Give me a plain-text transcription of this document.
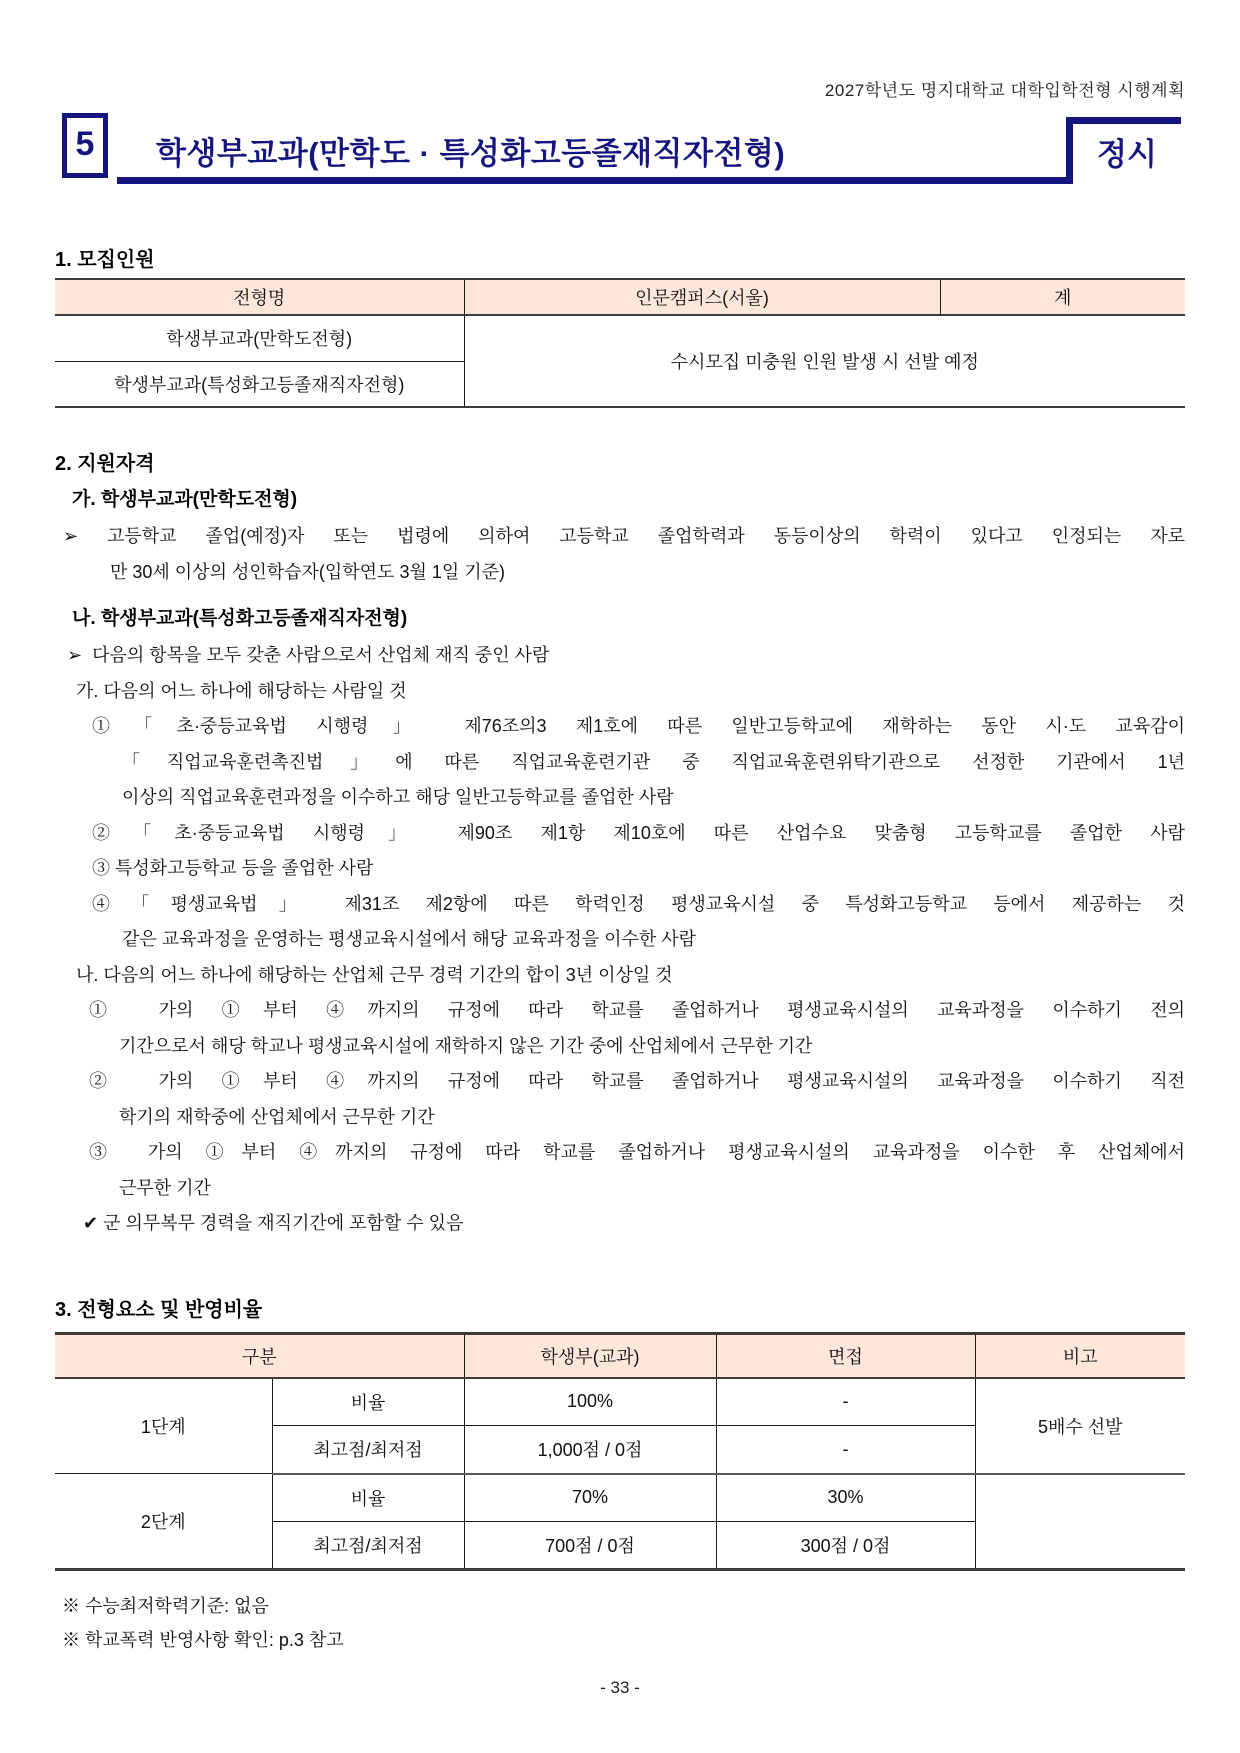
2027학년도 명지대학교 대학입학전형 시행계획
5	학생부교과(만학도 · 특성화고등졸재직자전형)	정시
1. 모집인원
전형명	인문캠퍼스(서울)	계
학생부교과(만학도전형)	수시모집 미충원 인원 발생 시 선발 예정	
학생부교과(특성화고등졸재직자전형)		
2. 지원자격
가. 학생부교과(만학도전형)
➢ 고등학교 졸업(예정)자 또는 법령에 의하여 고등학교 졸업학력과 동등이상의 학력이 있다고 인정되는 자로
만 30세 이상의 성인학습자(입학연도 3월 1일 기준)
나. 학생부교과(특성화고등졸재직자전형)
➢  다음의 항목을 모두 갖춘 사람으로서 산업체 재직 중인 사람
가. 다음의 어느 하나에 해당하는 사람일 것
①「초·중등교육법 시행령」 제76조의3 제1호에 따른 일반고등학교에 재학하는 동안 시·도 교육감이
「직업교육훈련촉진법」에 따른 직업교육훈련기관 중 직업교육훈련위탁기관으로 선정한 기관에서 1년
이상의 직업교육훈련과정을 이수하고 해당 일반고등학교를 졸업한 사람
②「초·중등교육법 시행령」 제90조 제1항 제10호에 따른 산업수요 맞춤형 고등학교를 졸업한 사람
③ 특성화고등학교 등을 졸업한 사람
④「평생교육법」 제31조 제2항에 따른 학력인정 평생교육시설 중 특성화고등학교 등에서 제공하는 것
같은 교육과정을 운영하는 평생교육시설에서 해당 교육과정을 이수한 사람
나. 다음의 어느 하나에 해당하는 산업체 근무 경력 기간의 합이 3년 이상일 것
① 가의 ①부터 ④까지의 규정에 따라 학교를 졸업하거나 평생교육시설의 교육과정을 이수하기 전의
기간으로서 해당 학교나 평생교육시설에 재학하지 않은 기간 중에 산업체에서 근무한 기간
② 가의 ①부터 ④까지의 규정에 따라 학교를 졸업하거나 평생교육시설의 교육과정을 이수하기 직전
학기의 재학중에 산업체에서 근무한 기간
③ 가의 ①부터 ④까지의 규정에 따라 학교를 졸업하거나 평생교육시설의 교육과정을 이수한 후 산업체에서
근무한 기간
✔ 군 의무복무 경력을 재직기간에 포함할 수 있음
3. 전형요소 및 반영비율
구분		학생부(교과)	면접	비고
1단계	비율	100%	-	5배수 선발
	최고점/최저점	1,000점 / 0점	-	
2단계	비율	70%	30%	
	최고점/최저점	700점 / 0점	300점 / 0점	
※ 수능최저학력기준: 없음
※ 학교폭력 반영사항 확인: p.3 참고
- 33 -
